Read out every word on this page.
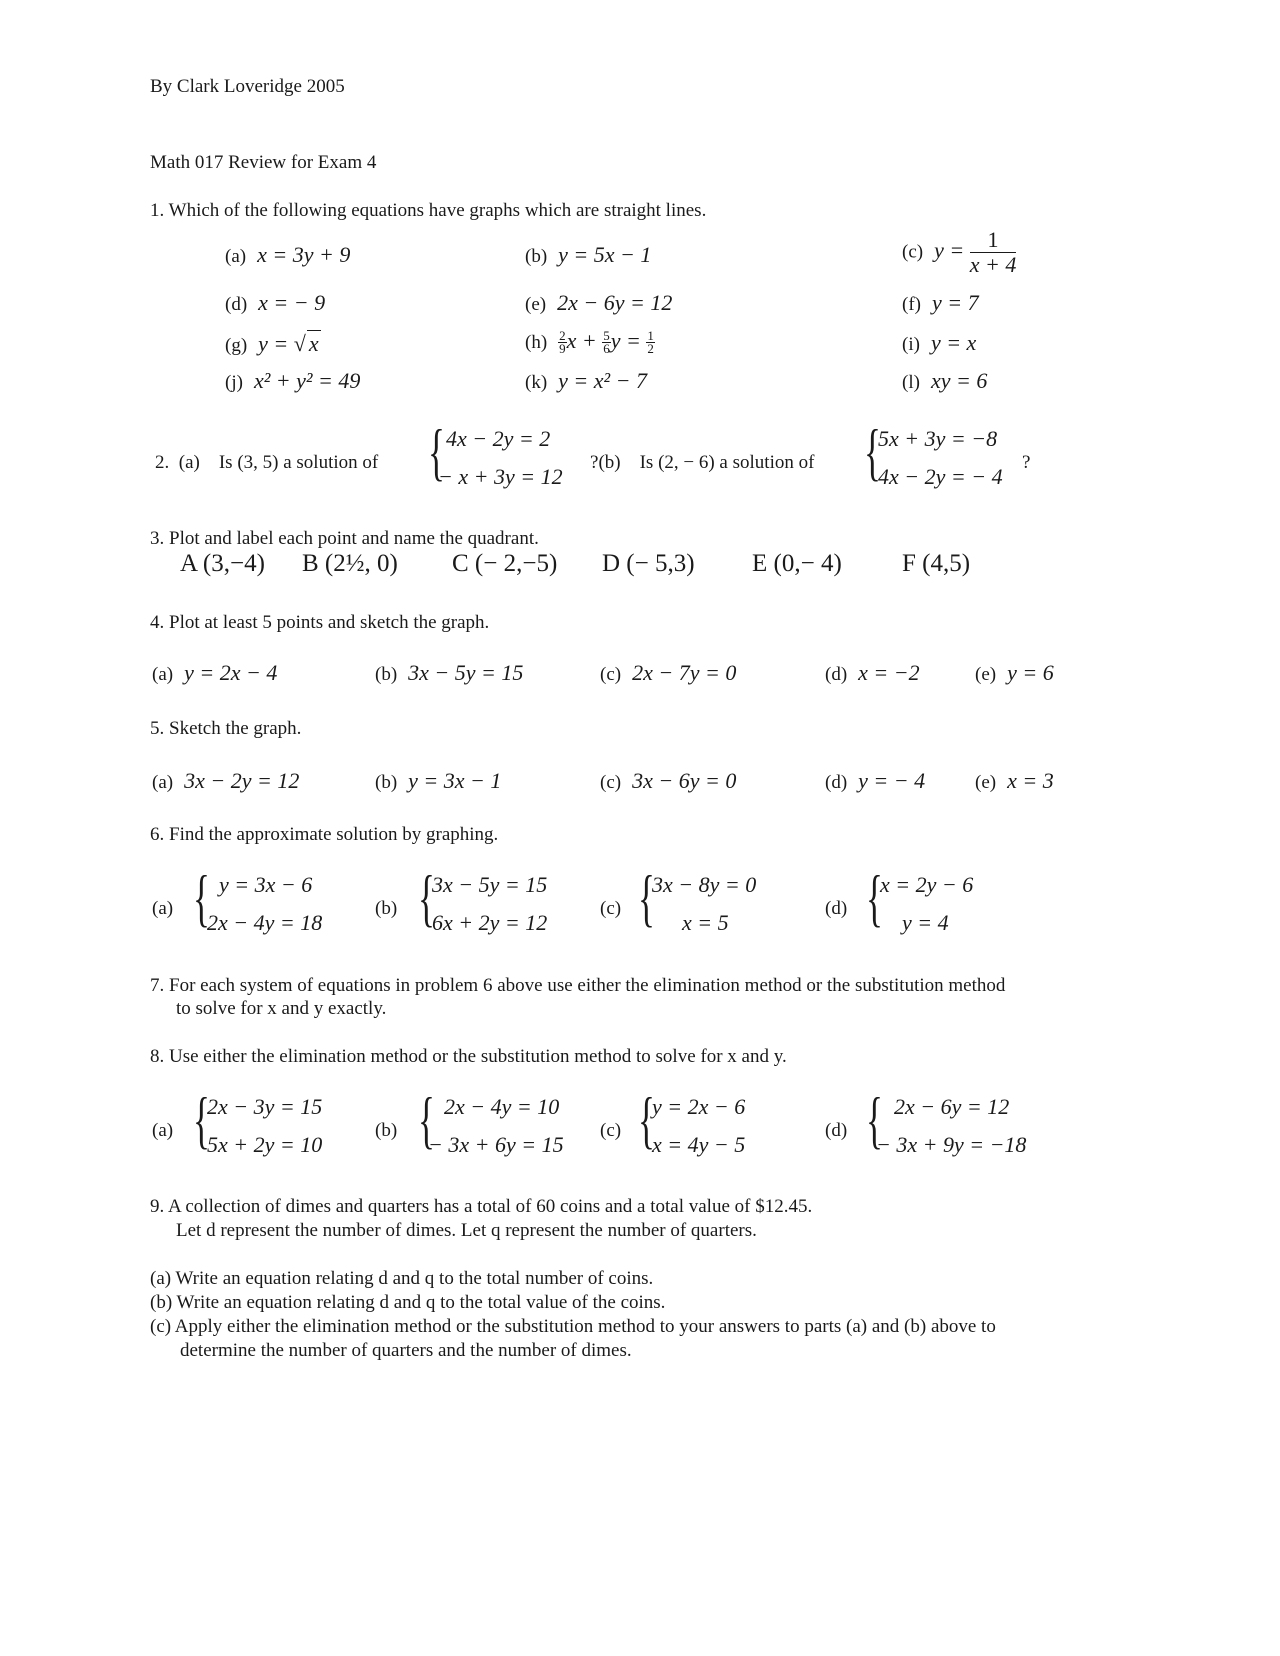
By Clark Loveridge 2005
Math 017 Review for Exam 4
1. Which of the following equations have graphs which are straight lines.
(a) x = 3y + 9	(b) y = 5x − 1	(c) $y = \frac{1}{x + 4}$
(d) x = − 9	(e) 2x − 6y = 12	(f) y = 7
(g) y = √ x	$(h) \frac{2}{9}x + \frac{5}{6}y = \frac{1}{2}$	(i) y = x
(j) x² + y² = 49	(k) y = x² − 7	(l) xy = 6
2. (a) Is (3, 5) a solution of { 4x − 2y = 2
− x + 3y = 12
?(b) Is (2, − 6) a solution of {
5x + 3y = −8
4x − 2y = − 4
?
3. Plot and label each point and name the quadrant.
A (3,−4) B (2½, 0) C (− 2,−5) D (− 5,3) E (0,− 4) F (4,5)
4. Plot at least 5 points and sketch the graph.
(a) y = 2x − 4	(b) 3x − 5y = 15	(c) 2x − 7y = 0	(d) x = −2	(e) y = 6
5. Sketch the graph.
(a) 3x − 2y = 12	(b) y = 3x − 1	(c) 3x − 6y = 0	(d) y = − 4	(e) x = 3
6. Find the approximate solution by graphing.
(a) { y = 3x − 6
2x − 4y = 18
(b) {
3x − 5y = 15
6x + 2y = 12
(c) {
3x − 8y = 0
x = 5
(d) {
x = 2y − 6
y = 4
7. For each system of equations in problem 6 above use either the elimination method or the substitution method
to solve for x and y exactly.
8. Use either the elimination method or the substitution method to solve for x and y.
(a) {
2x − 3y = 15
5x + 2y = 10
(b) { 2x − 4y = 10
− 3x + 6y = 15
(c) {
y = 2x − 6
x = 4y − 5
(d) { 2x − 6y = 12
− 3x + 9y = −18
9. A collection of dimes and quarters has a total of 60 coins and a total value of $12.45.
Let d represent the number of dimes. Let q represent the number of quarters.
(a) Write an equation relating d and q to the total number of coins.
(b) Write an equation relating d and q to the total value of the coins.
(c) Apply either the elimination method or the substitution method to your answers to parts (a) and (b) above to
determine the number of quarters and the number of dimes.
